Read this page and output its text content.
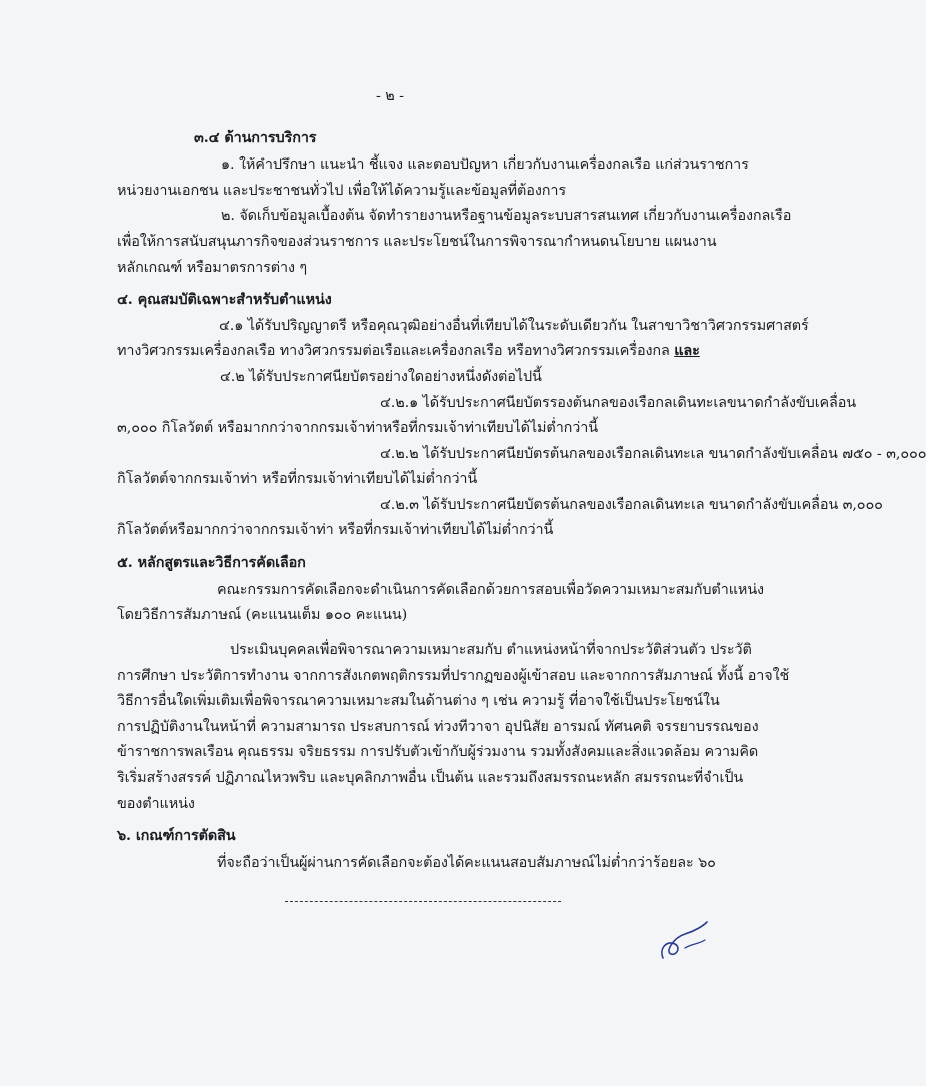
- ๒ -
๓.๔ ด้านการบริการ
๑. ให้คำปรึกษา แนะนำ ชี้แจง และตอบปัญหา เกี่ยวกับงานเครื่องกลเรือ แก่ส่วนราชการ
หน่วยงานเอกชน และประชาชนทั่วไป เพื่อให้ได้ความรู้และข้อมูลที่ต้องการ
๒. จัดเก็บข้อมูลเบื้องต้น จัดทำรายงานหรือฐานข้อมูลระบบสารสนเทศ เกี่ยวกับงานเครื่องกลเรือ
เพื่อให้การสนับสนุนภารกิจของส่วนราชการ และประโยชน์ในการพิจารณากำหนดนโยบาย แผนงาน
หลักเกณฑ์ หรือมาตรการต่าง ๆ
๔. คุณสมบัติเฉพาะสำหรับตำแหน่ง
๔.๑ ได้รับปริญญาตรี หรือคุณวุฒิอย่างอื่นที่เทียบได้ในระดับเดียวกัน ในสาขาวิชาวิศวกรรมศาสตร์
ทางวิศวกรรมเครื่องกลเรือ ทางวิศวกรรมต่อเรือและเครื่องกลเรือ หรือทางวิศวกรรมเครื่องกล และ
๔.๒ ได้รับประกาศนียบัตรอย่างใดอย่างหนึ่งดังต่อไปนี้
๔.๒.๑ ได้รับประกาศนียบัตรรองต้นกลของเรือกลเดินทะเลขนาดกำลังขับเคลื่อน
๓,๐๐๐ กิโลวัตต์ หรือมากกว่าจากกรมเจ้าท่าหรือที่กรมเจ้าท่าเทียบได้ไม่ต่ำกว่านี้
๔.๒.๒ ได้รับประกาศนียบัตรต้นกลของเรือกลเดินทะเล ขนาดกำลังขับเคลื่อน ๗๕๐ - ๓,๐๐๐
กิโลวัตต์จากกรมเจ้าท่า หรือที่กรมเจ้าท่าเทียบได้ไม่ต่ำกว่านี้
๔.๒.๓ ได้รับประกาศนียบัตรต้นกลของเรือกลเดินทะเล ขนาดกำลังขับเคลื่อน ๓,๐๐๐
กิโลวัตต์หรือมากกว่าจากกรมเจ้าท่า หรือที่กรมเจ้าท่าเทียบได้ไม่ต่ำกว่านี้
๕. หลักสูตรและวิธีการคัดเลือก
คณะกรรมการคัดเลือกจะดำเนินการคัดเลือกด้วยการสอบเพื่อวัดความเหมาะสมกับตำแหน่ง
โดยวิธีการสัมภาษณ์ (คะแนนเต็ม ๑๐๐ คะแนน)
ประเมินบุคคลเพื่อพิจารณาความเหมาะสมกับ ตำแหน่งหน้าที่จากประวัติส่วนตัว ประวัติ
การศึกษา ประวัติการทำงาน จากการสังเกตพฤติกรรมที่ปรากฏของผู้เข้าสอบ และจากการสัมภาษณ์ ทั้งนี้ อาจใช้
วิธีการอื่นใดเพิ่มเติมเพื่อพิจารณาความเหมาะสมในด้านต่าง ๆ เช่น ความรู้ ที่อาจใช้เป็นประโยชน์ใน
การปฏิบัติงานในหน้าที่ ความสามารถ ประสบการณ์ ท่วงทีวาจา อุปนิสัย อารมณ์ ทัศนคติ จรรยาบรรณของ
ข้าราชการพลเรือน คุณธรรม จริยธรรม การปรับตัวเข้ากับผู้ร่วมงาน รวมทั้งสังคมและสิ่งแวดล้อม ความคิด
ริเริ่มสร้างสรรค์ ปฏิภาณไหวพริบ และบุคลิกภาพอื่น เป็นต้น และรวมถึงสมรรถนะหลัก สมรรถนะที่จำเป็น
ของตำแหน่ง
๖. เกณฑ์การตัดสิน
ที่จะถือว่าเป็นผู้ผ่านการคัดเลือกจะต้องได้คะแนนสอบสัมภาษณ์ไม่ต่ำกว่าร้อยละ ๖๐
